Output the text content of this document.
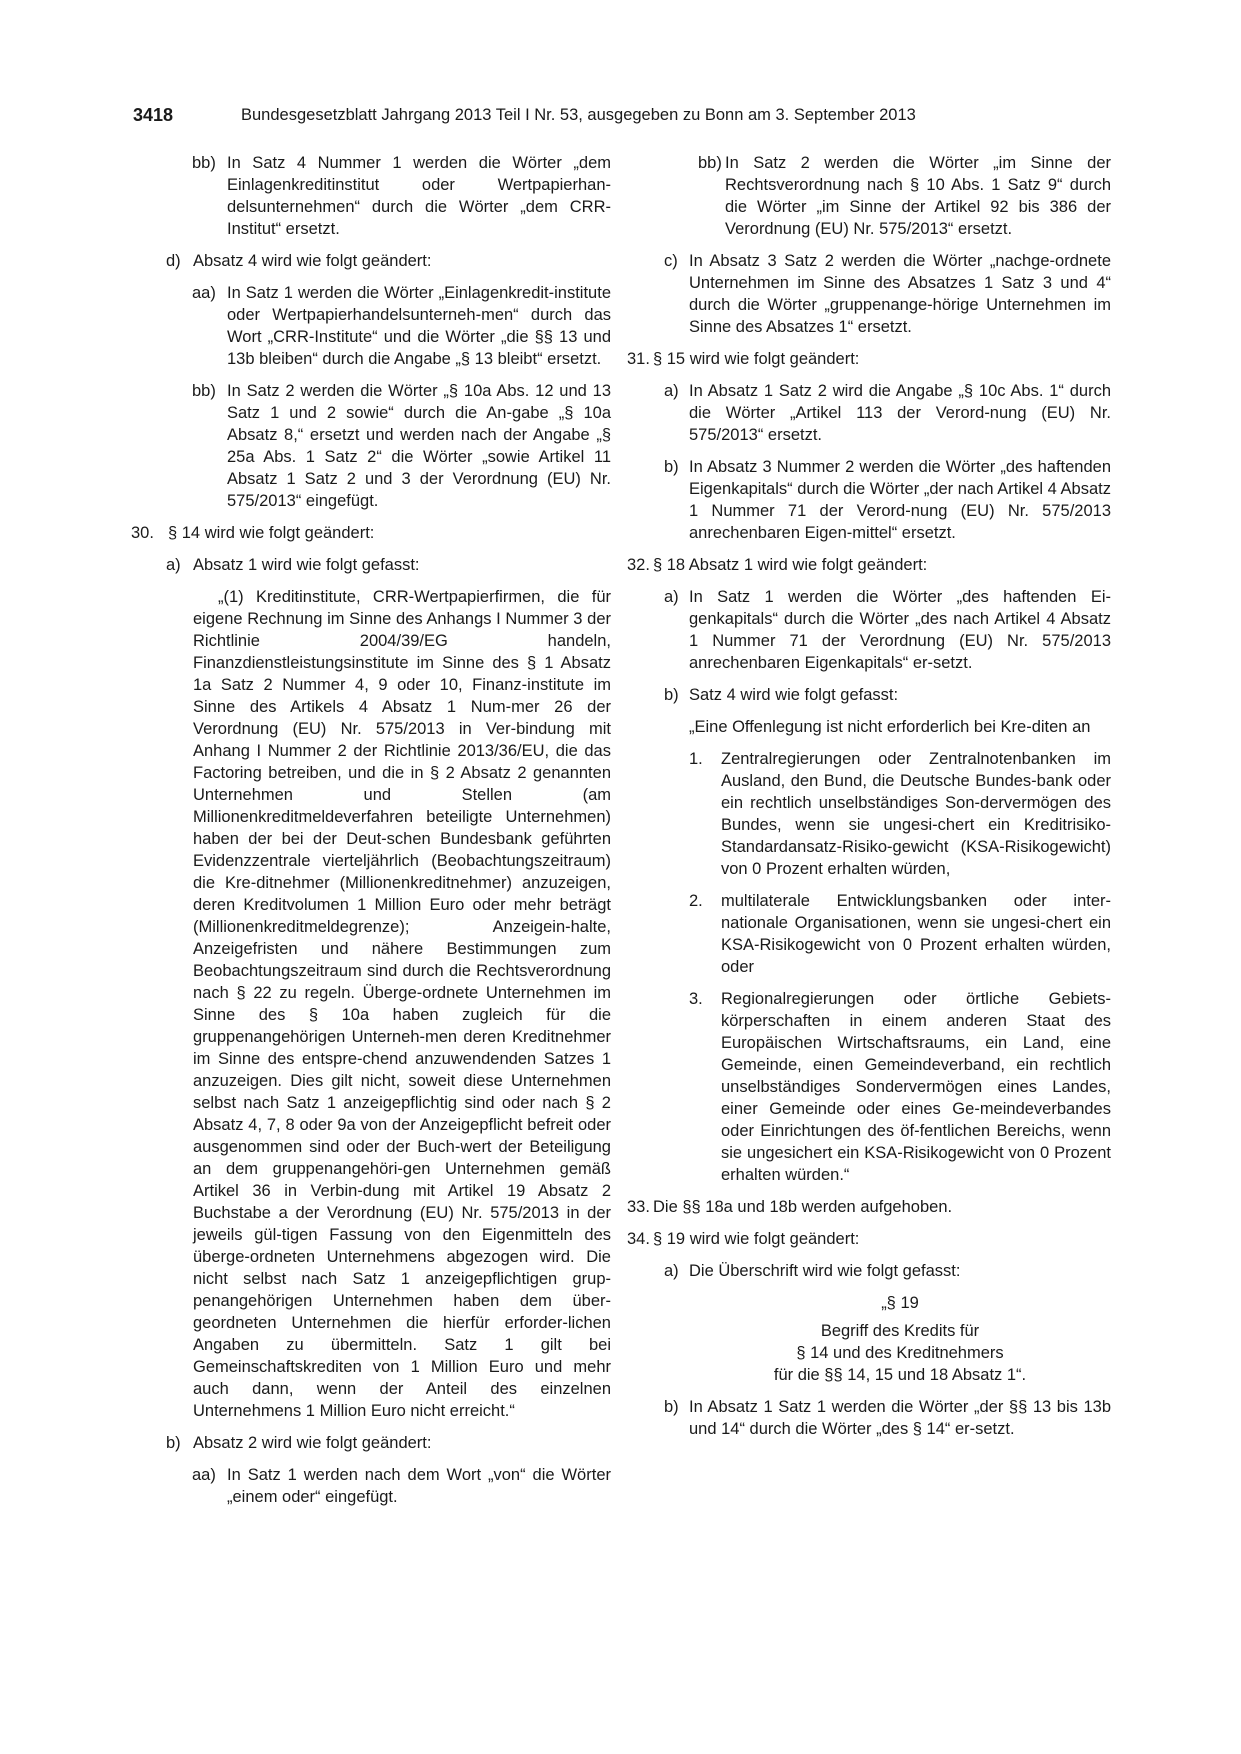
3418	Bundesgesetzblatt Jahrgang 2013 Teil I Nr. 53, ausgegeben zu Bonn am 3. September 2013
bb) In Satz 4 Nummer 1 werden die Wörter „dem Einlagenkreditinstitut oder Wertpapierhan-delsunternehmen“ durch die Wörter „dem CRR-Institut“ ersetzt.
d) Absatz 4 wird wie folgt geändert:
aa) In Satz 1 werden die Wörter „Einlagenkredit-institute oder Wertpapierhandelsunterneh-men“ durch das Wort „CRR-Institute“ und die Wörter „die §§ 13 und 13b bleiben“ durch die Angabe „§ 13 bleibt“ ersetzt.
bb) In Satz 2 werden die Wörter „§ 10a Abs. 12 und 13 Satz 1 und 2 sowie“ durch die An-gabe „§ 10a Absatz 8,“ ersetzt und werden nach der Angabe „§ 25a Abs. 1 Satz 2“ die Wörter „sowie Artikel 11 Absatz 1 Satz 2 und 3 der Verordnung (EU) Nr. 575/2013“ eingefügt.
30. § 14 wird wie folgt geändert:
a) Absatz 1 wird wie folgt gefasst:
„(1) Kreditinstitute, CRR-Wertpapierfirmen, die für eigene Rechnung im Sinne des Anhangs I Nummer 3 der Richtlinie 2004/39/EG handeln, Finanzdienstleistungsinstitute im Sinne des § 1 Absatz 1a Satz 2 Nummer 4, 9 oder 10, Finanz-institute im Sinne des Artikels 4 Absatz 1 Num-mer 26 der Verordnung (EU) Nr. 575/2013 in Ver-bindung mit Anhang I Nummer 2 der Richtlinie 2013/36/EU, die das Factoring betreiben, und die in § 2 Absatz 2 genannten Unternehmen und Stellen (am Millionenkreditmeldeverfahren beteiligte Unternehmen) haben der bei der Deut-schen Bundesbank geführten Evidenzzentrale vierteljährlich (Beobachtungszeitraum) die Kre-ditnehmer (Millionenkreditnehmer) anzuzeigen, deren Kreditvolumen 1 Million Euro oder mehr beträgt (Millionenkreditmeldegrenze); Anzeigein-halte, Anzeigefristen und nähere Bestimmungen zum Beobachtungszeitraum sind durch die Rechtsverordnung nach § 22 zu regeln. Überge-ordnete Unternehmen im Sinne des § 10a haben zugleich für die gruppenangehörigen Unterneh-men deren Kreditnehmer im Sinne des entspre-chend anzuwendenden Satzes 1 anzuzeigen. Dies gilt nicht, soweit diese Unternehmen selbst nach Satz 1 anzeigepflichtig sind oder nach § 2 Absatz 4, 7, 8 oder 9a von der Anzeigepflicht befreit oder ausgenommen sind oder der Buch-wert der Beteiligung an dem gruppenangehöri-gen Unternehmen gemäß Artikel 36 in Verbin-dung mit Artikel 19 Absatz 2 Buchstabe a der Verordnung (EU) Nr. 575/2013 in der jeweils gül-tigen Fassung von den Eigenmitteln des überge-ordneten Unternehmens abgezogen wird. Die nicht selbst nach Satz 1 anzeigepflichtigen grup-penangehörigen Unternehmen haben dem über-geordneten Unternehmen die hierfür erforder-lichen Angaben zu übermitteln. Satz 1 gilt bei Gemeinschaftskrediten von 1 Million Euro und mehr auch dann, wenn der Anteil des einzelnen Unternehmens 1 Million Euro nicht erreicht.“
b) Absatz 2 wird wie folgt geändert:
aa) In Satz 1 werden nach dem Wort „von“ die Wörter „einem oder“ eingefügt.
bb) In Satz 2 werden die Wörter „im Sinne der Rechtsverordnung nach § 10 Abs. 1 Satz 9“ durch die Wörter „im Sinne der Artikel 92 bis 386 der Verordnung (EU) Nr. 575/2013“ ersetzt.
c) In Absatz 3 Satz 2 werden die Wörter „nachge-ordnete Unternehmen im Sinne des Absatzes 1 Satz 3 und 4“ durch die Wörter „gruppenange-hörige Unternehmen im Sinne des Absatzes 1“ ersetzt.
31. § 15 wird wie folgt geändert:
a) In Absatz 1 Satz 2 wird die Angabe „§ 10c Abs. 1“ durch die Wörter „Artikel 113 der Verord-nung (EU) Nr. 575/2013“ ersetzt.
b) In Absatz 3 Nummer 2 werden die Wörter „des haftenden Eigenkapitals“ durch die Wörter „der nach Artikel 4 Absatz 1 Nummer 71 der Verord-nung (EU) Nr. 575/2013 anrechenbaren Eigen-mittel“ ersetzt.
32. § 18 Absatz 1 wird wie folgt geändert:
a) In Satz 1 werden die Wörter „des haftenden Ei-genkapitals“ durch die Wörter „des nach Artikel 4 Absatz 1 Nummer 71 der Verordnung (EU) Nr. 575/2013 anrechenbaren Eigenkapitals“ er-setzt.
b) Satz 4 wird wie folgt gefasst:
„Eine Offenlegung ist nicht erforderlich bei Kre-diten an
1. Zentralregierungen oder Zentralnotenbanken im Ausland, den Bund, die Deutsche Bundes-bank oder ein rechtlich unselbständiges Son-dervermögen des Bundes, wenn sie ungesi-chert ein Kreditrisiko-Standardansatz-Risiko-gewicht (KSA-Risikogewicht) von 0 Prozent erhalten würden,
2. multilaterale Entwicklungsbanken oder inter-nationale Organisationen, wenn sie ungesi-chert ein KSA-Risikogewicht von 0 Prozent erhalten würden, oder
3. Regionalregierungen oder örtliche Gebiets-körperschaften in einem anderen Staat des Europäischen Wirtschaftsraums, ein Land, eine Gemeinde, einen Gemeindeverband, ein rechtlich unselbständiges Sondervermögen eines Landes, einer Gemeinde oder eines Ge-meindeverbandes oder Einrichtungen des öf-fentlichen Bereichs, wenn sie ungesichert ein KSA-Risikogewicht von 0 Prozent erhalten würden.“
33. Die §§ 18a und 18b werden aufgehoben.
34. § 19 wird wie folgt geändert:
a) Die Überschrift wird wie folgt gefasst:
„§ 19
Begriff des Kredits für
§ 14 und des Kreditnehmers
für die §§ 14, 15 und 18 Absatz 1“.
b) In Absatz 1 Satz 1 werden die Wörter „der §§ 13 bis 13b und 14“ durch die Wörter „des § 14“ er-setzt.
